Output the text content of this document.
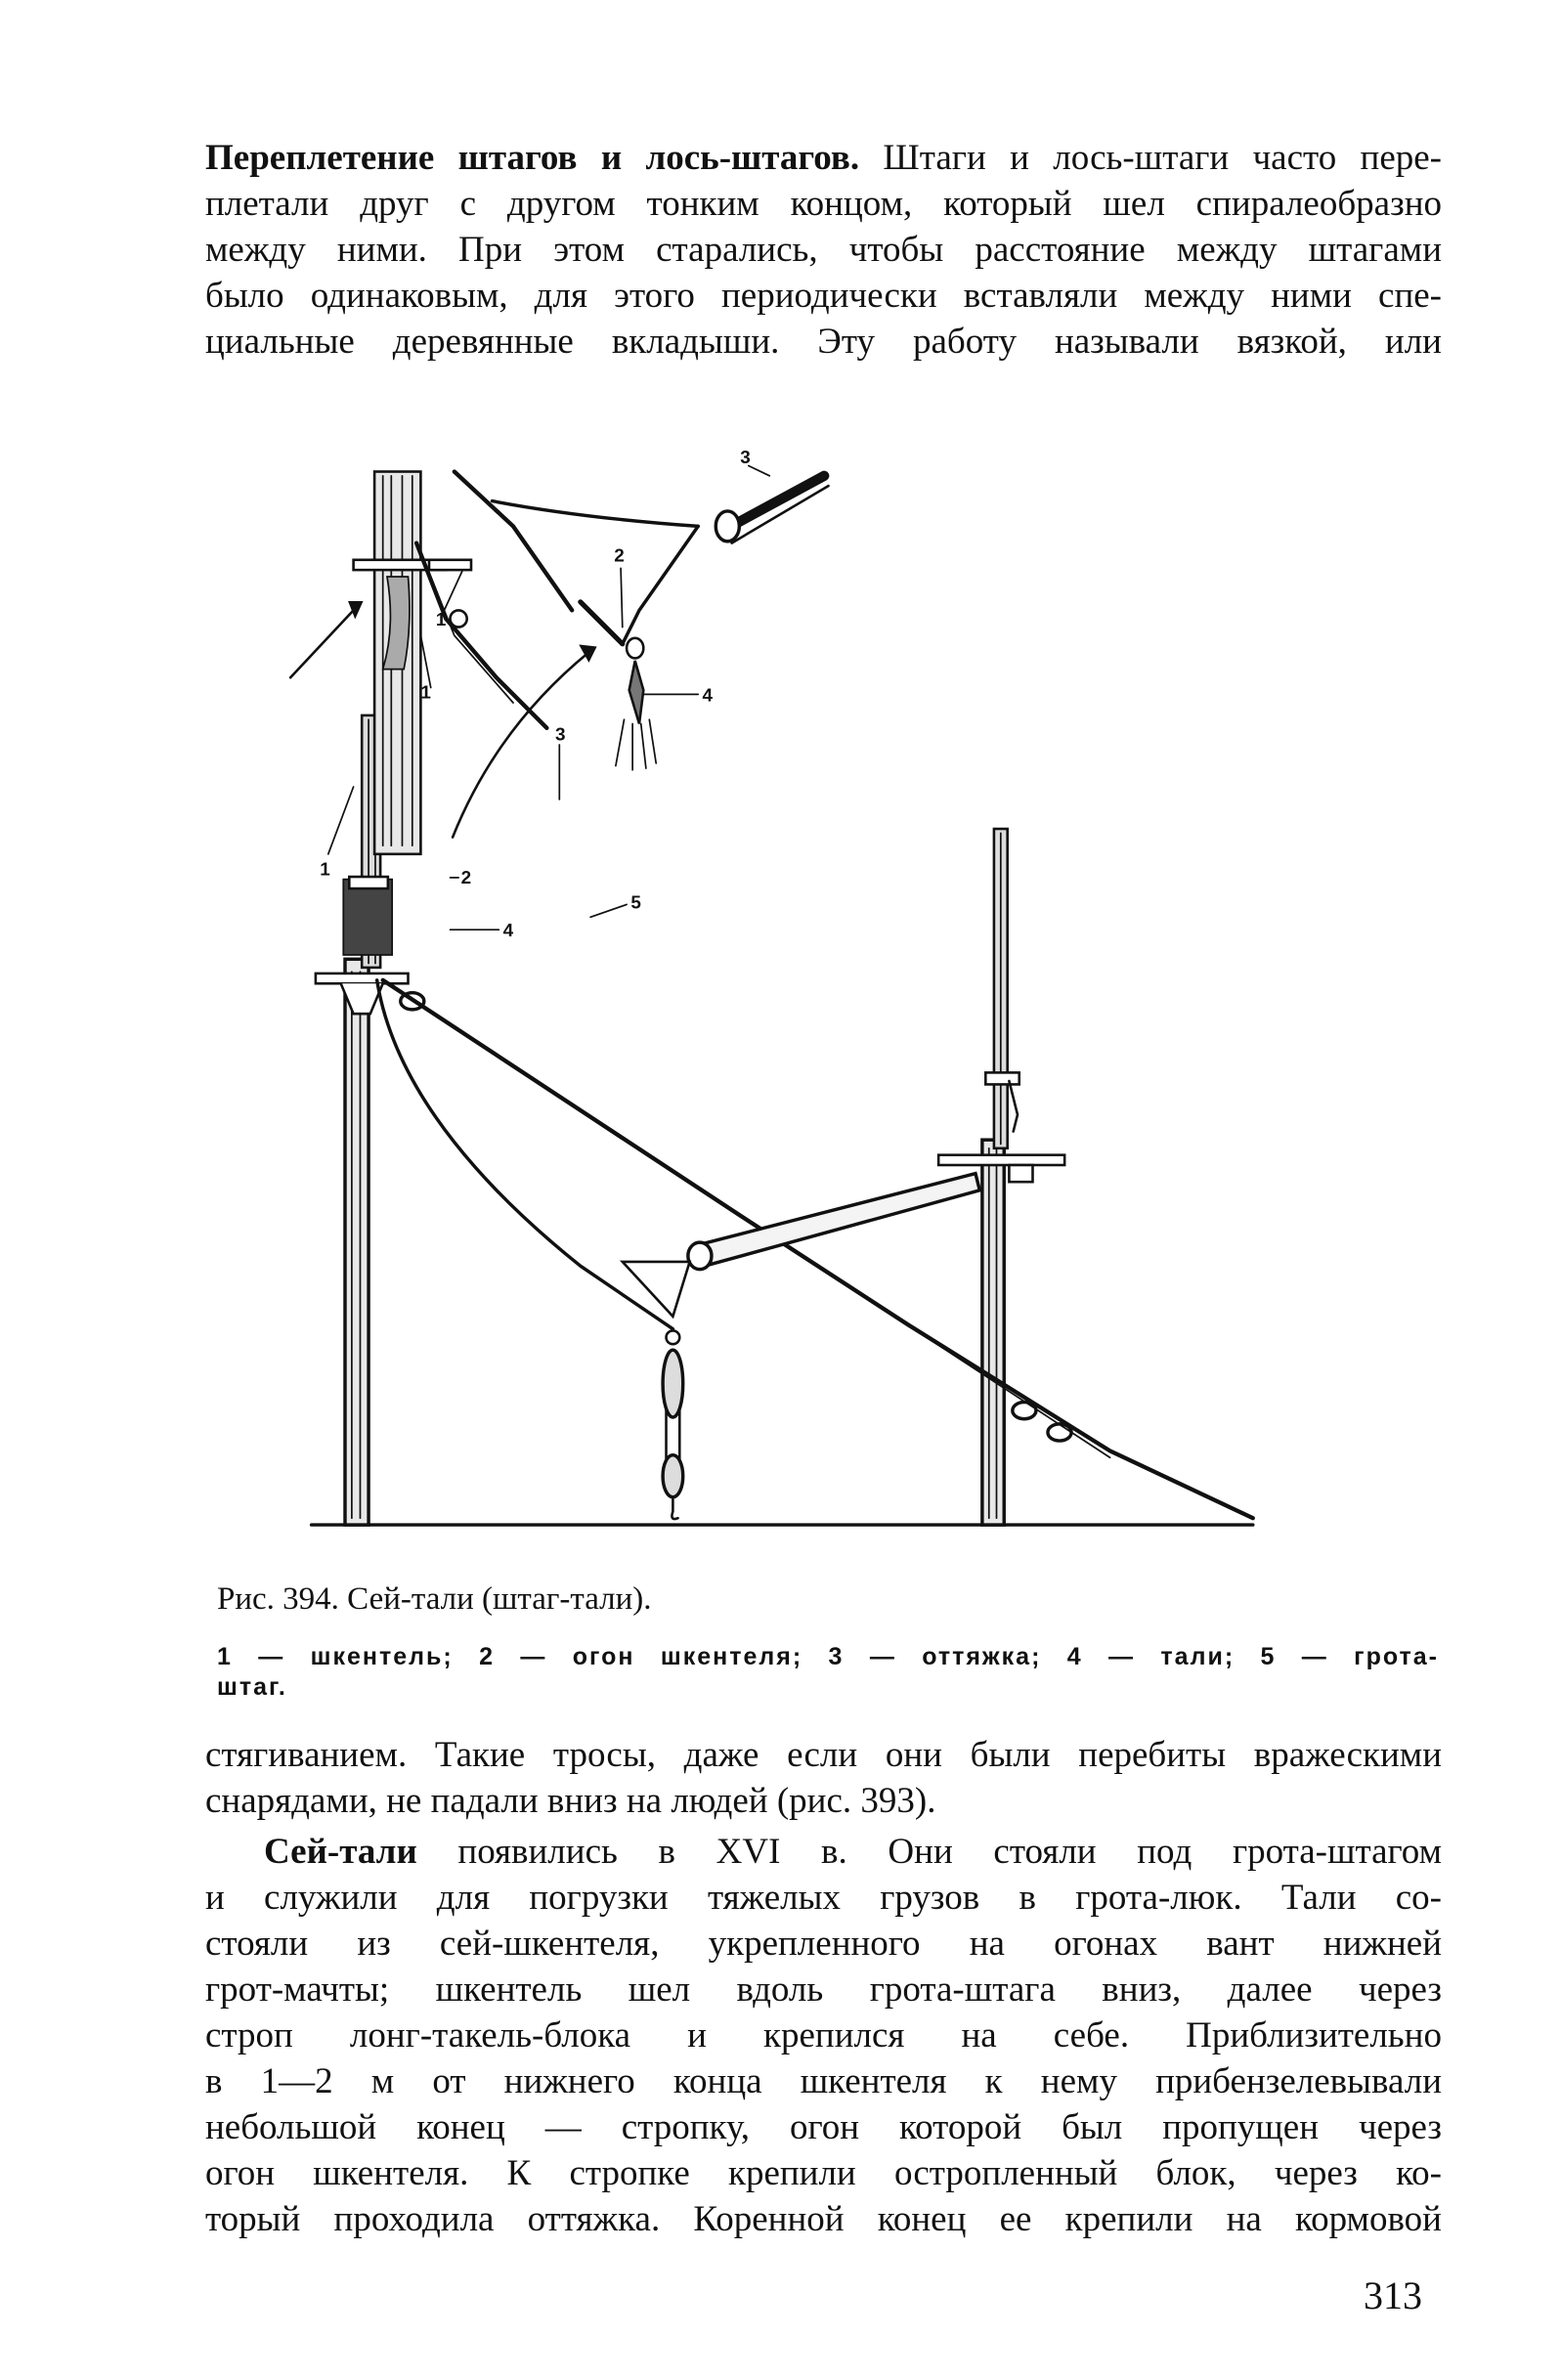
Переплетение штагов и лось-штагов. Штаги и лось-штаги часто пере-
плетали друг с другом тонким концом, который шел спиралеобразно
между ними. При этом старались, чтобы расстояние между штагами
было одинаковым, для этого периодически вставляли между ними спе-
циальные деревянные вкладыши. Эту работу называли вязкой, или

3
1
2
4
1
3
1	2
4
5

Рис. 394. Сей-тали (штаг-тали).

1 — шкентель; 2 — огон шкентеля; 3 — оттяжка; 4 — тали; 5 — грота-
штаг.

стягиванием. Такие тросы, даже если они были перебиты вражескими
снарядами, не падали вниз на людей (рис. 393).

Сей-тали появились в XVI в. Они стояли под грота-штагом
и служили для погрузки тяжелых грузов в грота-люк. Тали со-
стояли из сей-шкентеля, укрепленного на огонах вант нижней
грот-мачты; шкентель шел вдоль грота-штага вниз, далее через
строп лонг-такель-блока и крепился на себе. Приблизительно
в 1—2 м от нижнего конца шкентеля к нему прибензелевывали
небольшой конец — стропку, огон которой был пропущен через
огон шкентеля. К стропке крепили остропленный блок, через ко-
торый проходила оттяжка. Коренной конец ее крепили на кормовой

313
